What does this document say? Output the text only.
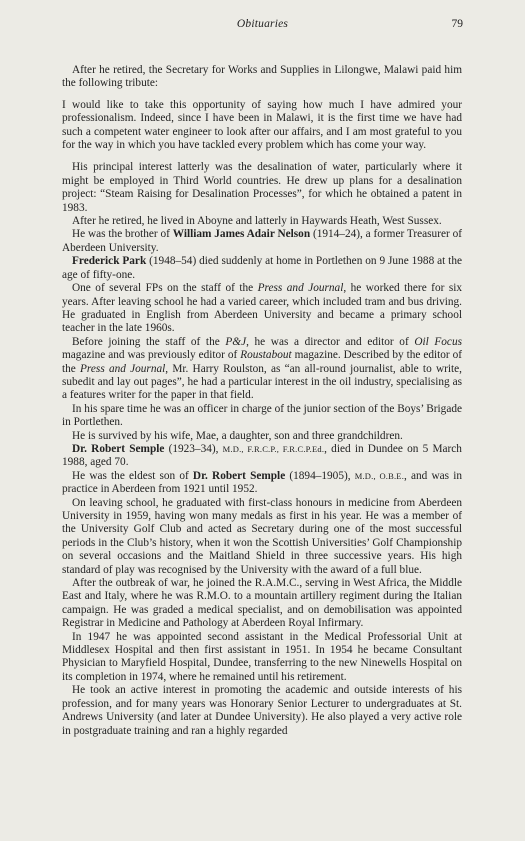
Obituaries	79

After he retired, the Secretary for Works and Supplies in Lilongwe, Malawi paid him the following tribute:

I would like to take this opportunity of saying how much I have admired your professionalism. Indeed, since I have been in Malawi, it is the first time we have had such a competent water engineer to look after our affairs, and I am most grateful to you for the way in which you have tackled every problem which has come your way.

His principal interest latterly was the desalination of water, particularly where it might be employed in Third World countries. He drew up plans for a desalination project: “Steam Raising for Desalination Processes”, for which he obtained a patent in 1983.

After he retired, he lived in Aboyne and latterly in Haywards Heath, West Sussex.

He was the brother of William James Adair Nelson (1914–24), a former Treasurer of Aberdeen University.

Frederick Park (1948–54) died suddenly at home in Portlethen on 9 June 1988 at the age of fifty-one.

One of several FPs on the staff of the Press and Journal, he worked there for six years. After leaving school he had a varied career, which included tram and bus driving. He graduated in English from Aberdeen University and became a primary school teacher in the late 1960s.

Before joining the staff of the P&J, he was a director and editor of Oil Focus magazine and was previously editor of Roustabout magazine. Described by the editor of the Press and Journal, Mr. Harry Roulston, as “an all-round journalist, able to write, subedit and lay out pages”, he had a particular interest in the oil industry, specialising as a features writer for the paper in that field.

In his spare time he was an officer in charge of the junior section of the Boys’ Brigade in Portlethen.

He is survived by his wife, Mae, a daughter, son and three grandchildren.

Dr. Robert Semple (1923–34), M.D., F.R.C.P., F.R.C.P.Ed., died in Dundee on 5 March 1988, aged 70.

He was the eldest son of Dr. Robert Semple (1894–1905), M.D., O.B.E., and was in practice in Aberdeen from 1921 until 1952.

On leaving school, he graduated with first-class honours in medicine from Aberdeen University in 1959, having won many medals as first in his year. He was a member of the University Golf Club and acted as Secretary during one of the most successful periods in the Club’s history, when it won the Scottish Universities’ Golf Championship on several occasions and the Maitland Shield in three successive years. His high standard of play was recognised by the University with the award of a full blue.

After the outbreak of war, he joined the R.A.M.C., serving in West Africa, the Middle East and Italy, where he was R.M.O. to a mountain artillery regiment during the Italian campaign. He was graded a medical specialist, and on demobilisation was appointed Registrar in Medicine and Pathology at Aberdeen Royal Infirmary.

In 1947 he was appointed second assistant in the Medical Professorial Unit at Middlesex Hospital and then first assistant in 1951. In 1954 he became Consultant Physician to Maryfield Hospital, Dundee, transferring to the new Ninewells Hospital on its completion in 1974, where he remained until his retirement.

He took an active interest in promoting the academic and outside interests of his profession, and for many years was Honorary Senior Lecturer to undergraduates at St. Andrews University (and later at Dundee University). He also played a very active role in postgraduate training and ran a highly regarded
